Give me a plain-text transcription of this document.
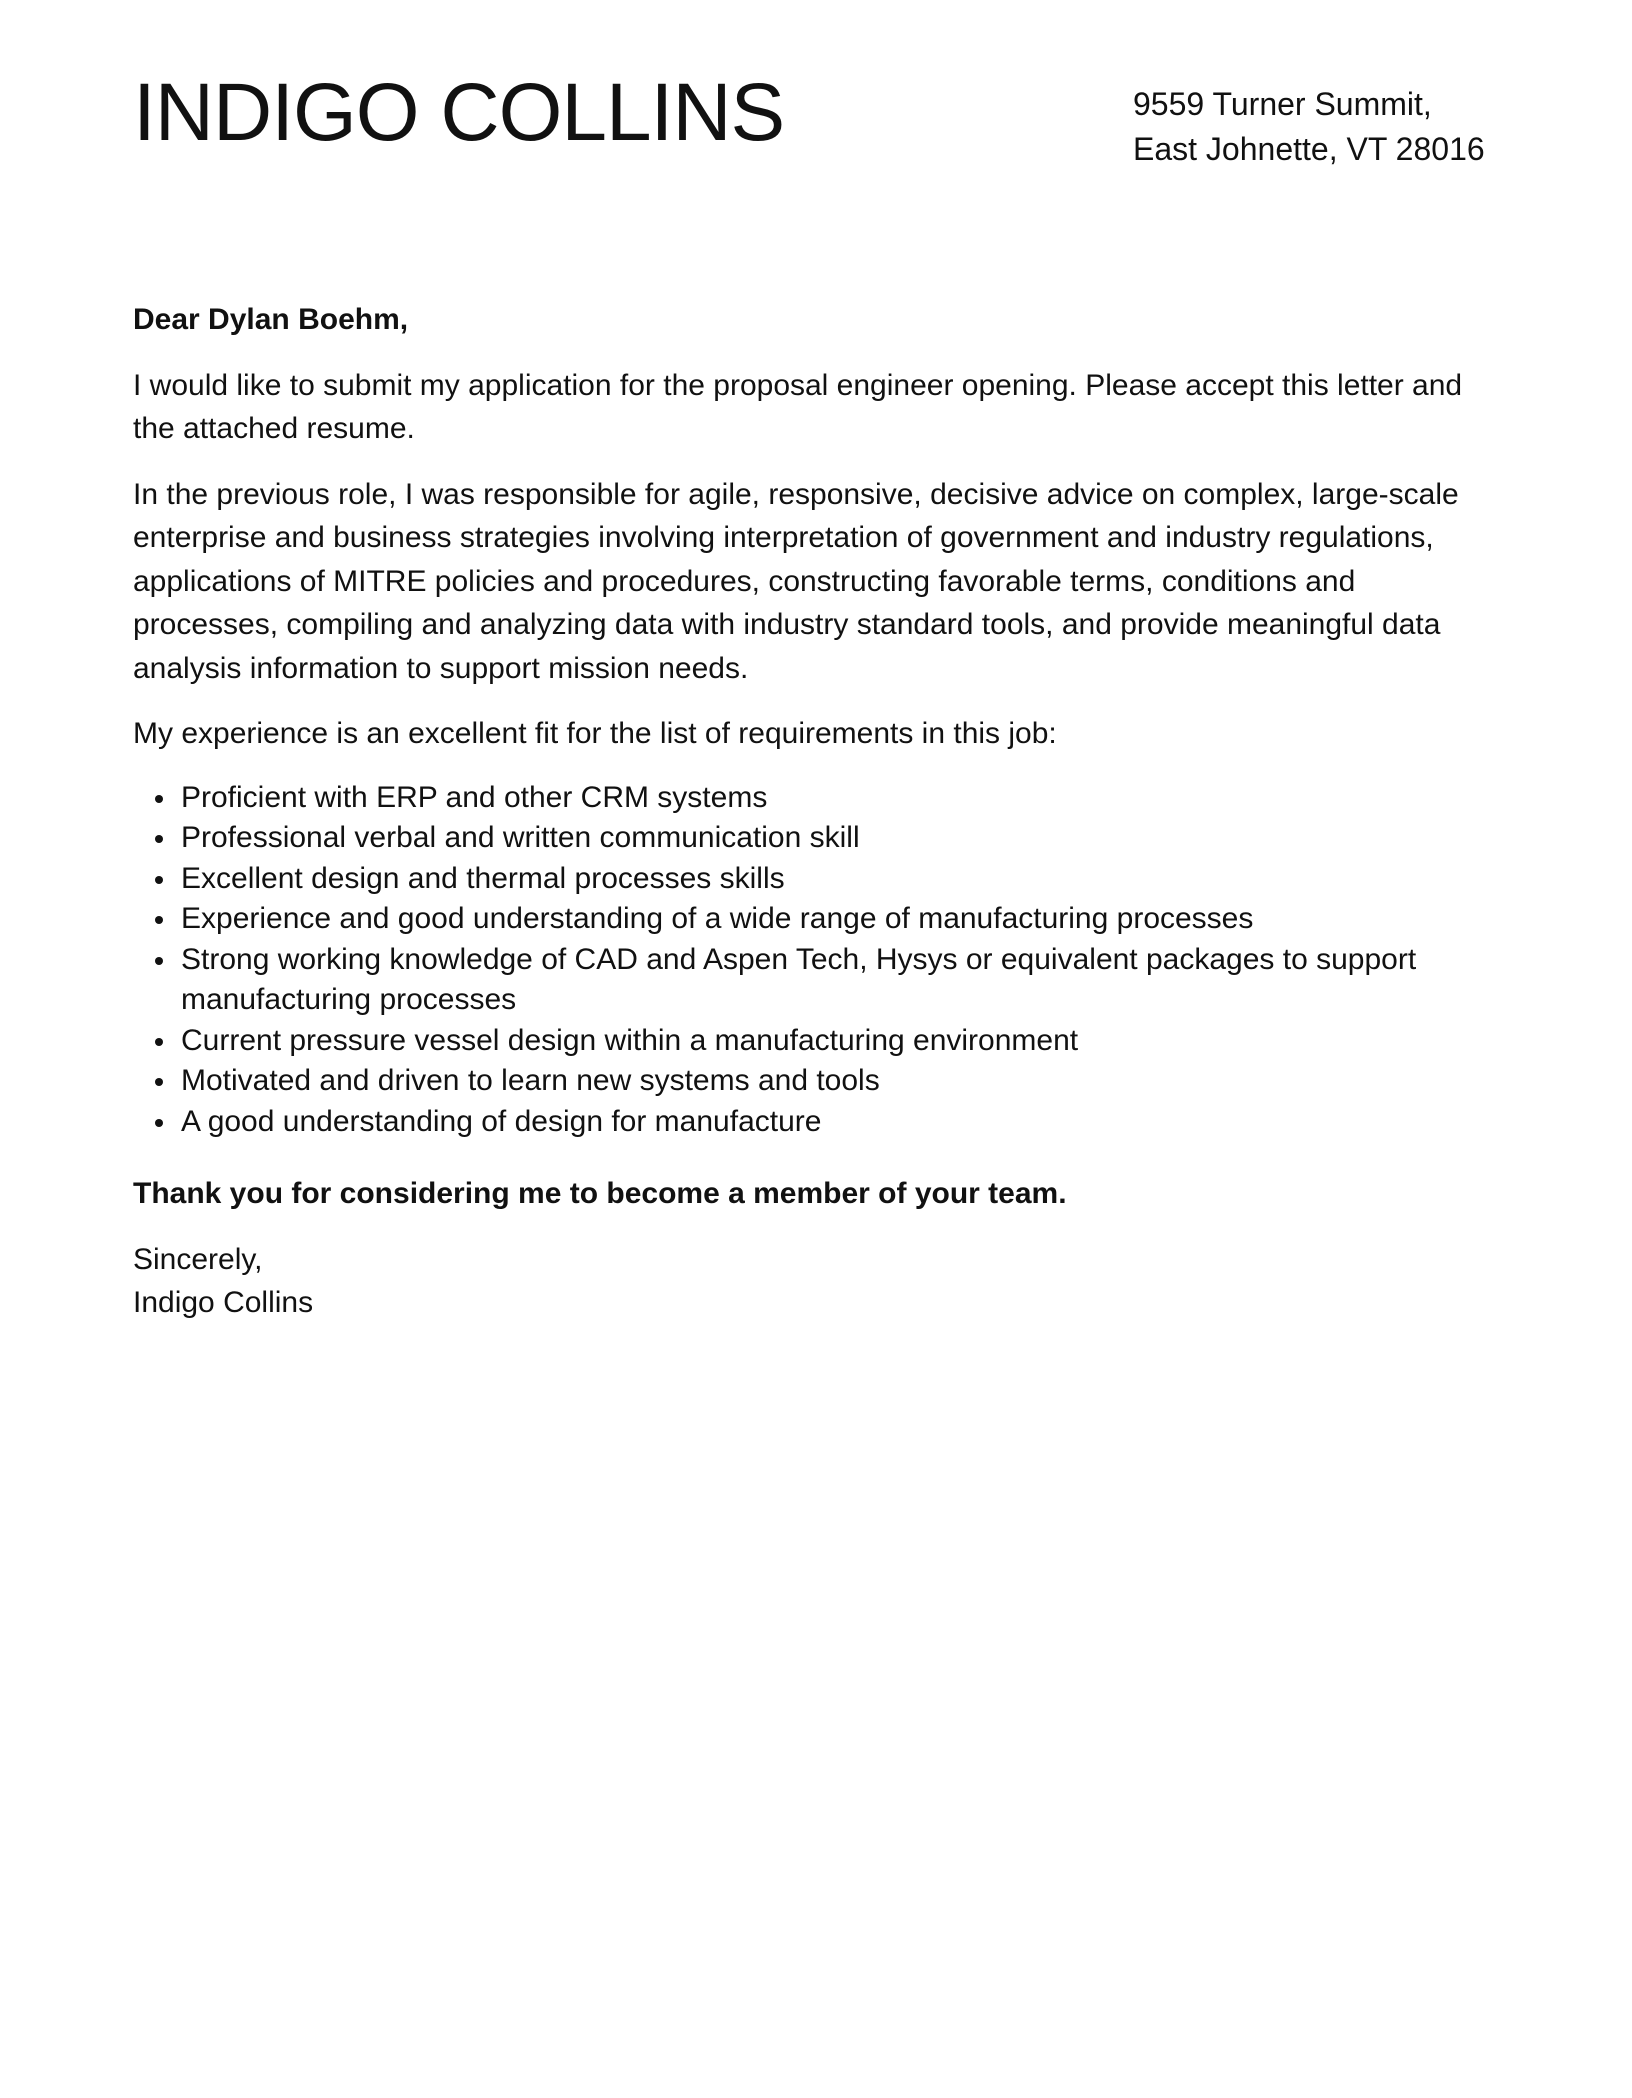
INDIGO COLLINS	9559 Turner Summit,
East Johnette, VT 28016

Dear Dylan Boehm,

I would like to submit my application for the proposal engineer opening. Please accept this letter and the attached resume.

In the previous role, I was responsible for agile, responsive, decisive advice on complex, large-scale enterprise and business strategies involving interpretation of government and industry regulations, applications of MITRE policies and procedures, constructing favorable terms, conditions and processes, compiling and analyzing data with industry standard tools, and provide meaningful data analysis information to support mission needs.

My experience is an excellent fit for the list of requirements in this job:

Proficient with ERP and other CRM systems
Professional verbal and written communication skill
Excellent design and thermal processes skills
Experience and good understanding of a wide range of manufacturing processes
Strong working knowledge of CAD and Aspen Tech, Hysys or equivalent packages to support manufacturing processes
Current pressure vessel design within a manufacturing environment
Motivated and driven to learn new systems and tools
A good understanding of design for manufacture

Thank you for considering me to become a member of your team.

Sincerely,
Indigo Collins
